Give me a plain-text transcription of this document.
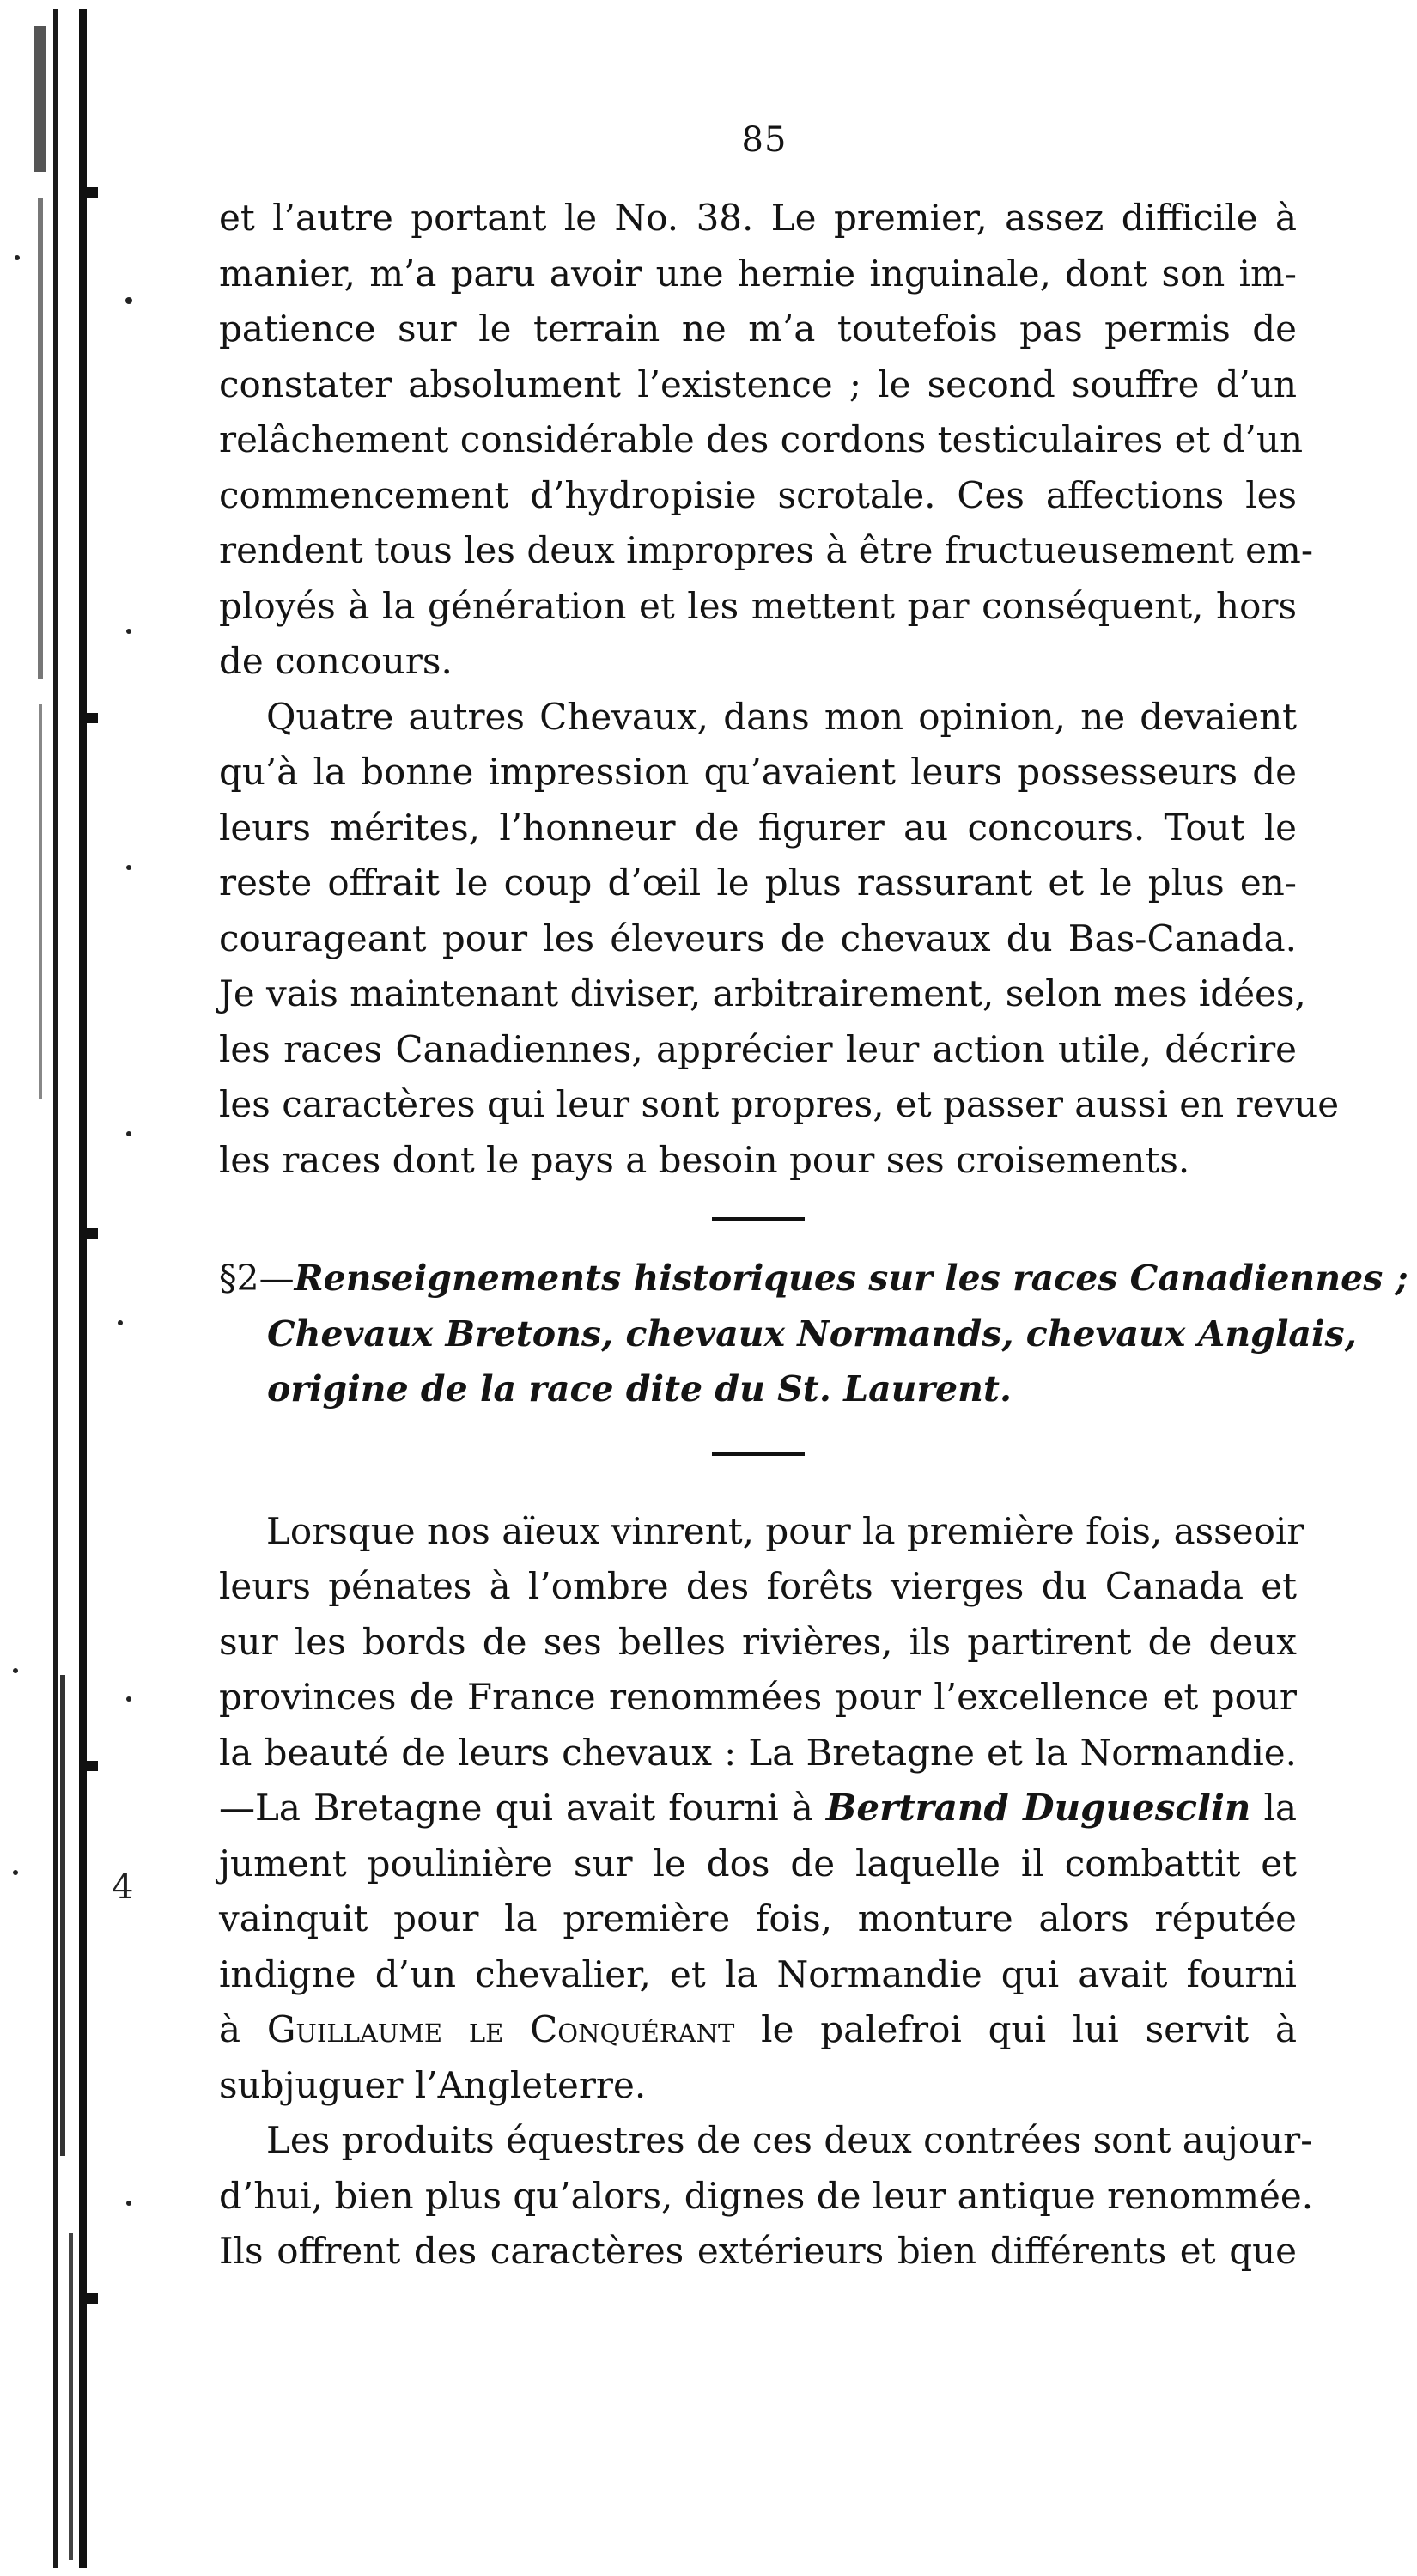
4
85
et l’autre portant le No. 38. Le premier, assez difficile à
manier, m’a paru avoir une hernie inguinale, dont son im-
patience sur le terrain ne m’a toutefois pas permis de
constater absolument l’existence ; le second souffre d’un
relâchement considérable des cordons testiculaires et d’un
commencement d’hydropisie scrotale. Ces affections les
rendent tous les deux impropres à être fructueusement em-
ployés à la génération et les mettent par conséquent, hors
de concours.
Quatre autres Chevaux, dans mon opinion, ne devaient
qu’à la bonne impression qu’avaient leurs possesseurs de
leurs mérites, l’honneur de figurer au concours. Tout le
reste offrait le coup d’œil le plus rassurant et le plus en-
courageant pour les éleveurs de chevaux du Bas-Canada.
Je vais maintenant diviser, arbitrairement, selon mes idées,
les races Canadiennes, apprécier leur action utile, décrire
les caractères qui leur sont propres, et passer aussi en revue
les races dont le pays a besoin pour ses croisements.
§2—Renseignements historiques sur les races Canadiennes ;
Chevaux Bretons, chevaux Normands, chevaux Anglais,
origine de la race dite du St. Laurent.
Lorsque nos aïeux vinrent, pour la première fois, asseoir
leurs pénates à l’ombre des forêts vierges du Canada et
sur les bords de ses belles rivières, ils partirent de deux
provinces de France renommées pour l’excellence et pour
la beauté de leurs chevaux : La Bretagne et la Normandie.
—La Bretagne qui avait fourni à Bertrand Duguesclin la
jument poulinière sur le dos de laquelle il combattit et
vainquit pour la première fois, monture alors réputée
indigne d’un chevalier, et la Normandie qui avait fourni
à Guillaume le Conquérant le palefroi qui lui servit à
subjuguer l’Angleterre.
Les produits équestres de ces deux contrées sont aujour-
d’hui, bien plus qu’alors, dignes de leur antique renommée.
Ils offrent des caractères extérieurs bien différents et que
